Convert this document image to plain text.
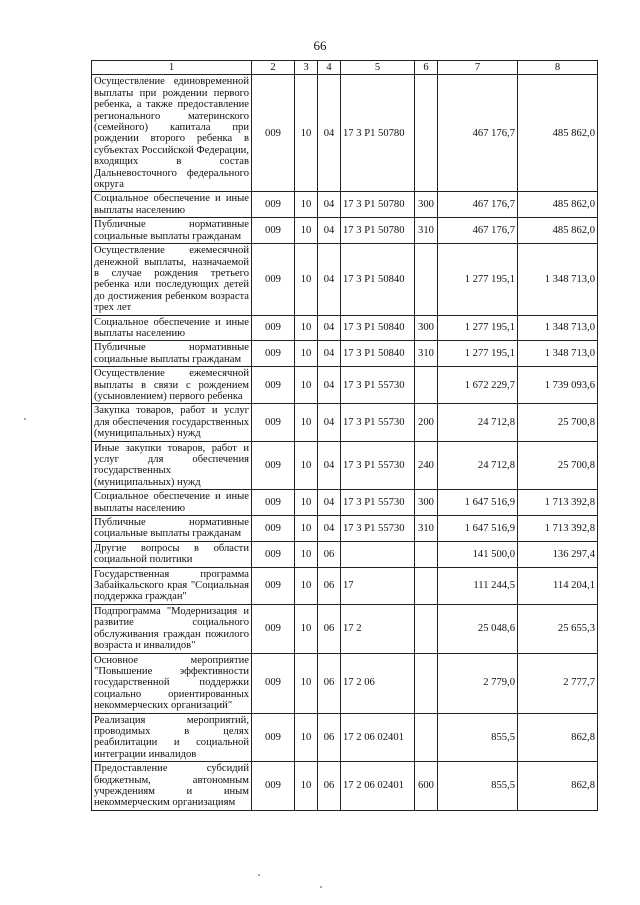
66
1	2	3	4	5	6	7	8
Осуществление единовременной выплаты при рождении первого ребенка, а также предоставление регионального материнского (семейного) капитала при рождении второго ребенка в субъектах Российской Федерации, входящих в состав Дальневосточного федерального округа	009	10	04	17 3 P1 50780		467 176,7	485 862,0
Социальное обеспечение и иные выплаты населению	009	10	04	17 3 P1 50780	300	467 176,7	485 862,0
Публичные нормативные социальные выплаты гражданам	009	10	04	17 3 P1 50780	310	467 176,7	485 862,0
Осуществление ежемесячной денежной выплаты, назначаемой в случае рождения третьего ребенка или последующих детей до достижения ребенком возраста трех лет	009	10	04	17 3 P1 50840		1 277 195,1	1 348 713,0
Социальное обеспечение и иные выплаты населению	009	10	04	17 3 P1 50840	300	1 277 195,1	1 348 713,0
Публичные нормативные социальные выплаты гражданам	009	10	04	17 3 P1 50840	310	1 277 195,1	1 348 713,0
Осуществление ежемесячной выплаты в связи с рождением (усыновлением) первого ребенка	009	10	04	17 3 P1 55730		1 672 229,7	1 739 093,6
Закупка товаров, работ и услуг для обеспечения государственных (муниципальных) нужд	009	10	04	17 3 P1 55730	200	24 712,8	25 700,8
Иные закупки товаров, работ и услуг для обеспечения государственных (муниципальных) нужд	009	10	04	17 3 P1 55730	240	24 712,8	25 700,8
Социальное обеспечение и иные выплаты населению	009	10	04	17 3 P1 55730	300	1 647 516,9	1 713 392,8
Публичные нормативные социальные выплаты гражданам	009	10	04	17 3 P1 55730	310	1 647 516,9	1 713 392,8
Другие вопросы в области социальной политики	009	10	06			141 500,0	136 297,4
Государственная программа Забайкальского края "Социальная поддержка граждан"	009	10	06	17		111 244,5	114 204,1
Подпрограмма "Модернизация и развитие социального обслуживания граждан пожилого возраста и инвалидов"	009	10	06	17 2		25 048,6	25 655,3
Основное мероприятие "Повышение эффективности государственной поддержки социально ориентированных некоммерческих организаций"	009	10	06	17 2 06		2 779,0	2 777,7
Реализация мероприятий, проводимых в целях реабилитации и социальной интеграции инвалидов	009	10	06	17 2 06 02401		855,5	862,8
Предоставление субсидий бюджетным, автономным учреждениям и иным некоммерческим организациям	009	10	06	17 2 06 02401	600	855,5	862,8
